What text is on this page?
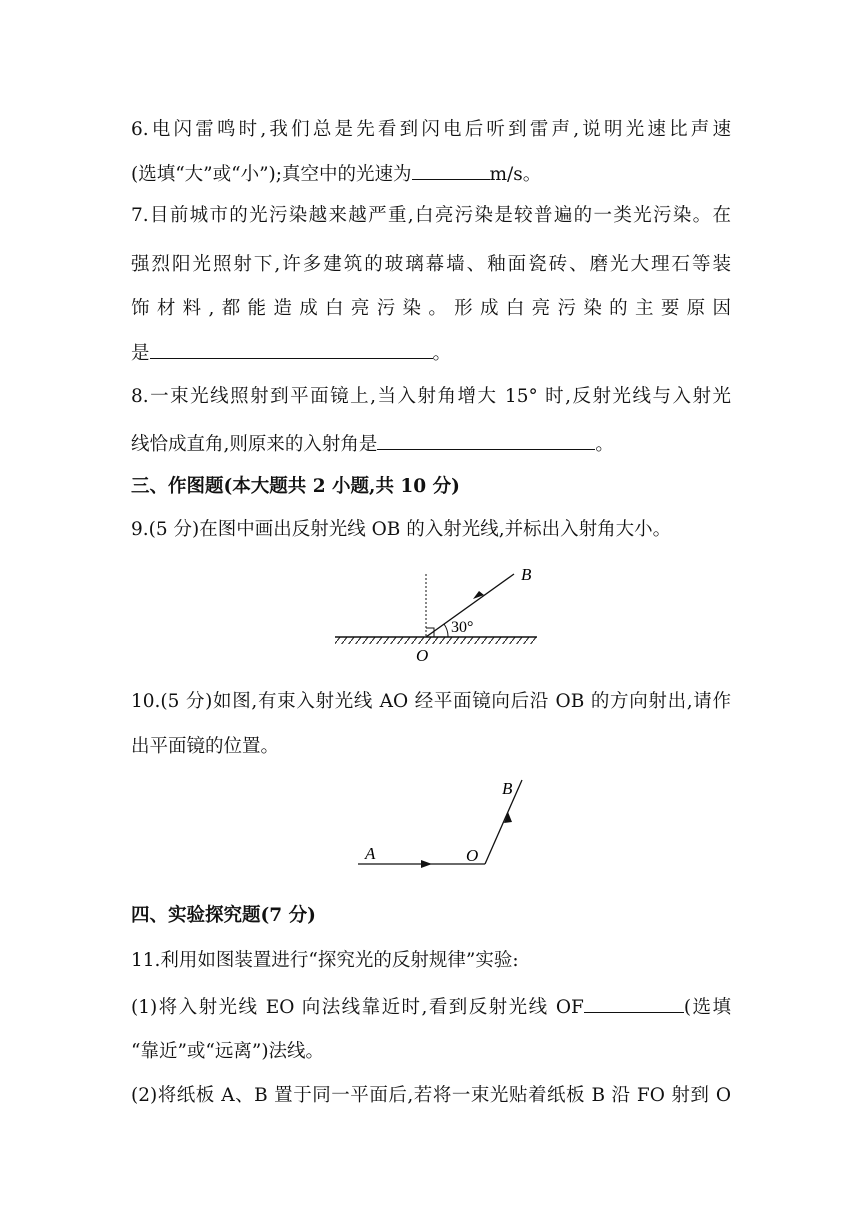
6.电闪雷鸣时,我们总是先看到闪电后听到雷声,说明光速比声速
(选填“大”或“小”);真空中的光速为	m/s。
7.目前城市的光污染越来越严重,白亮污染是较普遍的一类光污染。在
强烈阳光照射下,许多建筑的玻璃幕墙、釉面瓷砖、磨光大理石等装
饰材料,都能造成白亮污染。形成白亮污染的主要原因
是	。
8.一束光线照射到平面镜上,当入射角增大 15° 时,反射光线与入射光
线恰成直角,则原来的入射角是	。
三、作图题(本大题共 2 小题,共 10 分)
9.(5 分)在图中画出反射光线 OB 的入射光线,并标出入射角大小。
30°
B
O
10.(5 分)如图,有束入射光线 AO 经平面镜向后沿 OB 的方向射出,请作
出平面镜的位置。
A	O
B
四、实验探究题(7 分)
11.利用如图装置进行“探究光的反射规律”实验:
(1)将入射光线 EO 向法线靠近时,看到反射光线 OF	(选填
“靠近”或“远离”)法线。
(2)将纸板 A、B 置于同一平面后,若将一束光贴着纸板 B 沿 FO 射到 O
